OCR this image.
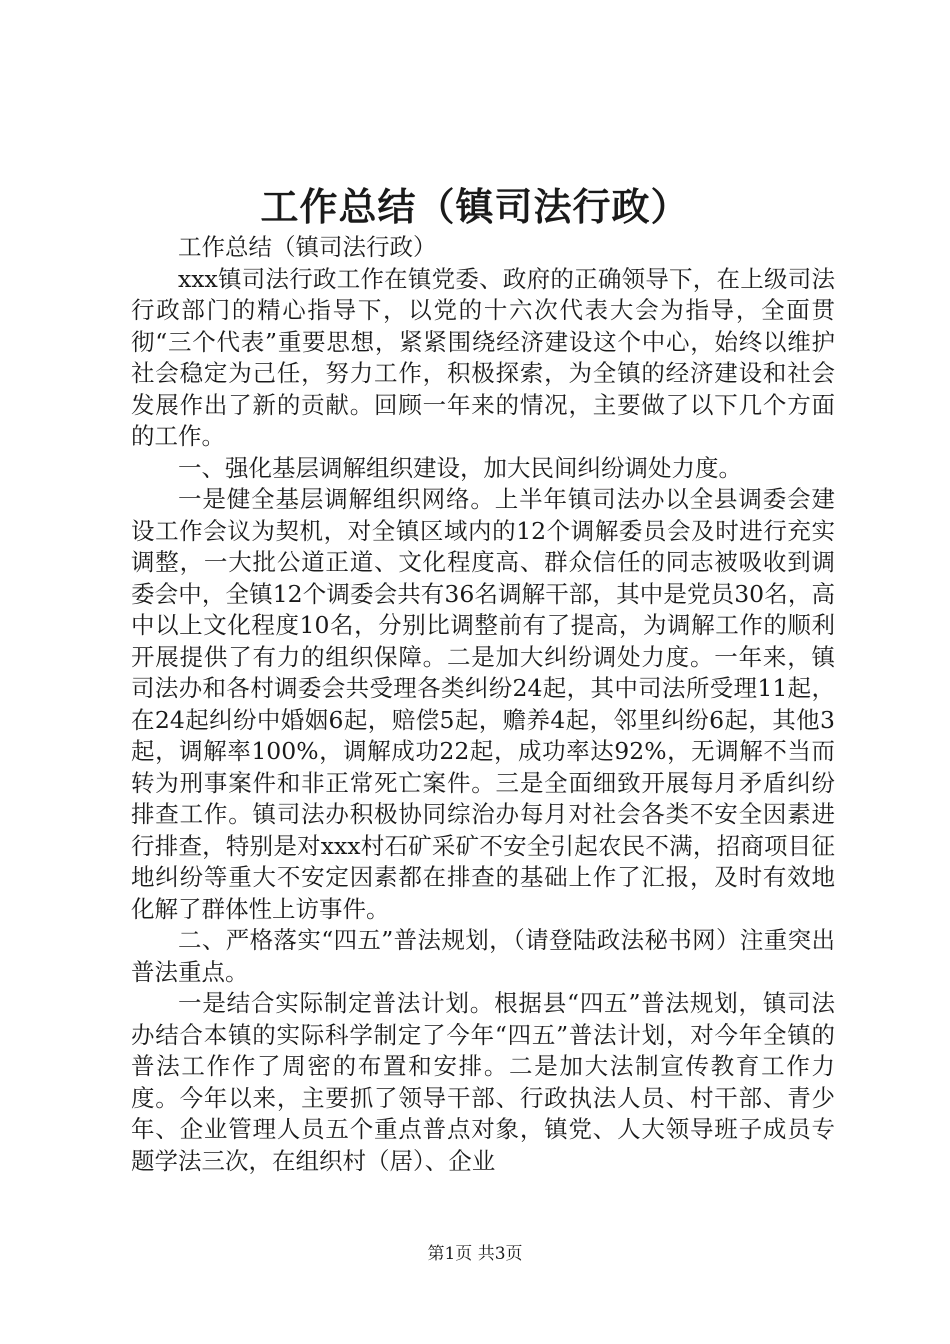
工作总结（镇司法行政）

工作总结（镇司法行政）

xxx镇司法行政工作在镇党委、政府的正确领导下，在上级司法行政部门的精心指导下，以党的十六次代表大会为指导，全面贯彻“三个代表”重要思想，紧紧围绕经济建设这个中心，始终以维护社会稳定为己任，努力工作，积极探索，为全镇的经济建设和社会发展作出了新的贡献。回顾一年来的情况，主要做了以下几个方面的工作。

一、强化基层调解组织建设，加大民间纠纷调处力度。

一是健全基层调解组织网络。上半年镇司法办以全县调委会建设工作会议为契机，对全镇区域内的12个调解委员会及时进行充实调整，一大批公道正道、文化程度高、群众信任的同志被吸收到调委会中，全镇12个调委会共有36名调解干部，其中是党员30名，高中以上文化程度10名，分别比调整前有了提高，为调解工作的顺利开展提供了有力的组织保障。二是加大纠纷调处力度。一年来，镇司法办和各村调委会共受理各类纠纷24起，其中司法所受理11起，在24起纠纷中婚姻6起，赔偿5起，赡养4起，邻里纠纷6起，其他3起，调解率100%，调解成功22起，成功率达92%，无调解不当而转为刑事案件和非正常死亡案件。三是全面细致开展每月矛盾纠纷排查工作。镇司法办积极协同综治办每月对社会各类不安全因素进行排查，特别是对xxx村石矿采矿不安全引起农民不满，招商项目征地纠纷等重大不安定因素都在排查的基础上作了汇报，及时有效地化解了群体性上访事件。

二、严格落实“四五”普法规划，（请登陆政法秘书网）注重突出普法重点。

一是结合实际制定普法计划。根据县“四五”普法规划，镇司法办结合本镇的实际科学制定了今年“四五”普法计划，对今年全镇的普法工作作了周密的布置和安排。二是加大法制宣传教育工作力度。今年以来，主要抓了领导干部、行政执法人员、村干部、青少年、企业管理人员五个重点普点对象，镇党、人大领导班子成员专题学法三次，在组织村（居）、企业

第1页 共3页
